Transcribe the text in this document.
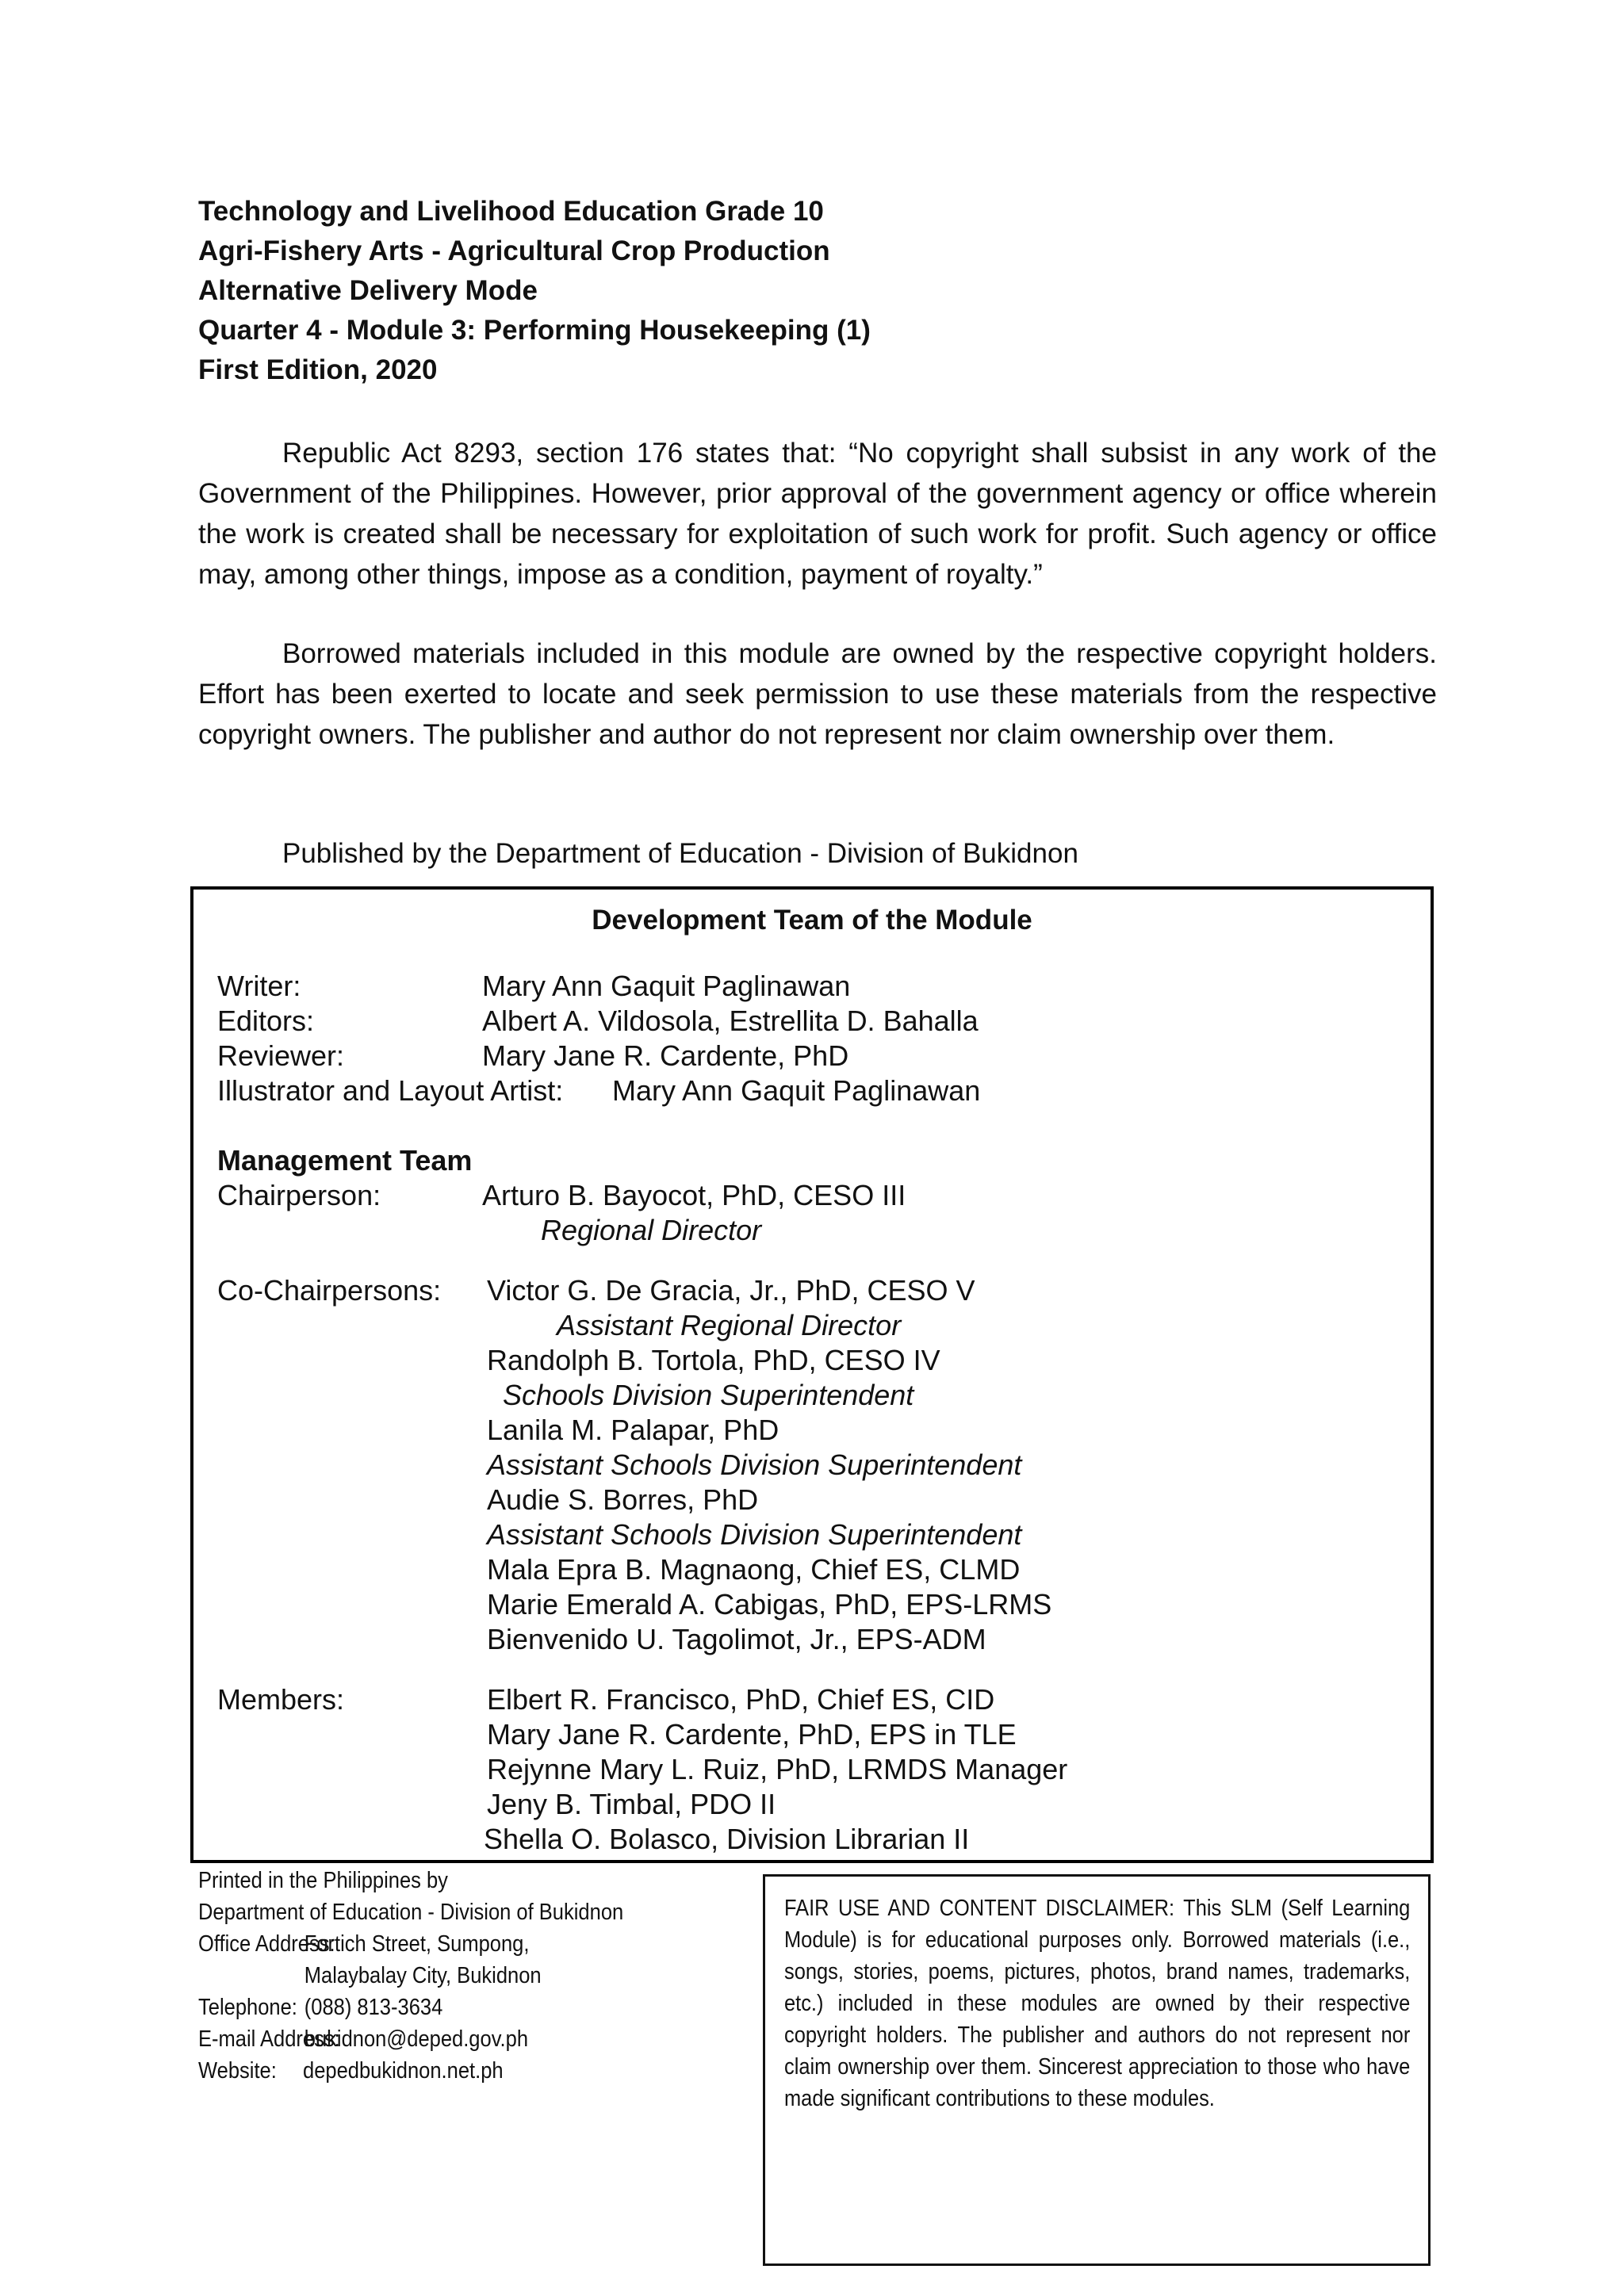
Technology and Livelihood Education Grade 10
Agri-Fishery Arts - Agricultural Crop Production
Alternative Delivery Mode
Quarter 4 - Module 3: Performing Housekeeping (1)
First Edition, 2020
Republic Act 8293, section 176 states that: “No copyright shall subsist in any work of the Government of the Philippines. However, prior approval of the government agency or office wherein the work is created shall be necessary for exploitation of such work for profit. Such agency or office may, among other things, impose as a condition, payment of royalty.”
Borrowed materials included in this module are owned by the respective copyright holders. Effort has been exerted to locate and seek permission to use these materials from the respective copyright owners. The publisher and author do not represent nor claim ownership over them.
Published by the Department of Education - Division of Bukidnon
Development Team of the Module
Writer:	Mary Ann Gaquit Paglinawan
Editors:	Albert A. Vildosola, Estrellita D. Bahalla
Reviewer:	Mary Jane R. Cardente, PhD
Illustrator and Layout Artist: Mary Ann Gaquit Paglinawan
Management Team
Chairperson:	Arturo B. Bayocot, PhD, CESO III
Regional Director
Co-Chairpersons: Victor G. De Gracia, Jr., PhD, CESO V
Assistant Regional Director
Randolph B. Tortola, PhD, CESO IV
Schools Division Superintendent
Lanila M. Palapar, PhD
Assistant Schools Division Superintendent
Audie S. Borres, PhD
Assistant Schools Division Superintendent
Mala Epra B. Magnaong, Chief ES, CLMD
Marie Emerald A. Cabigas, PhD, EPS-LRMS
Bienvenido U. Tagolimot, Jr., EPS-ADM
Members:	Elbert R. Francisco, PhD, Chief ES, CID
Mary Jane R. Cardente, PhD, EPS in TLE
Rejynne Mary L. Ruiz, PhD, LRMDS Manager
Jeny B. Timbal, PDO II
Shella O. Bolasco, Division Librarian II
Printed in the Philippines by
Department of Education - Division of Bukidnon
Office Address:
Fortich Street, Sumpong,
Malaybalay City, Bukidnon
Telephone: (088) 813-3634
E-mail Address:
bukidnon@deped.gov.ph
Website: depedbukidnon.net.ph

FAIR USE AND CONTENT DISCLAIMER: This SLM (Self Learning Module) is for educational purposes only. Borrowed materials (i.e., songs, stories, poems, pictures, photos, brand names, trademarks, etc.) included in these modules are owned by their respective copyright holders. The publisher and authors do not represent nor claim ownership over them. Sincerest appreciation to those who have made significant contributions to these modules.
